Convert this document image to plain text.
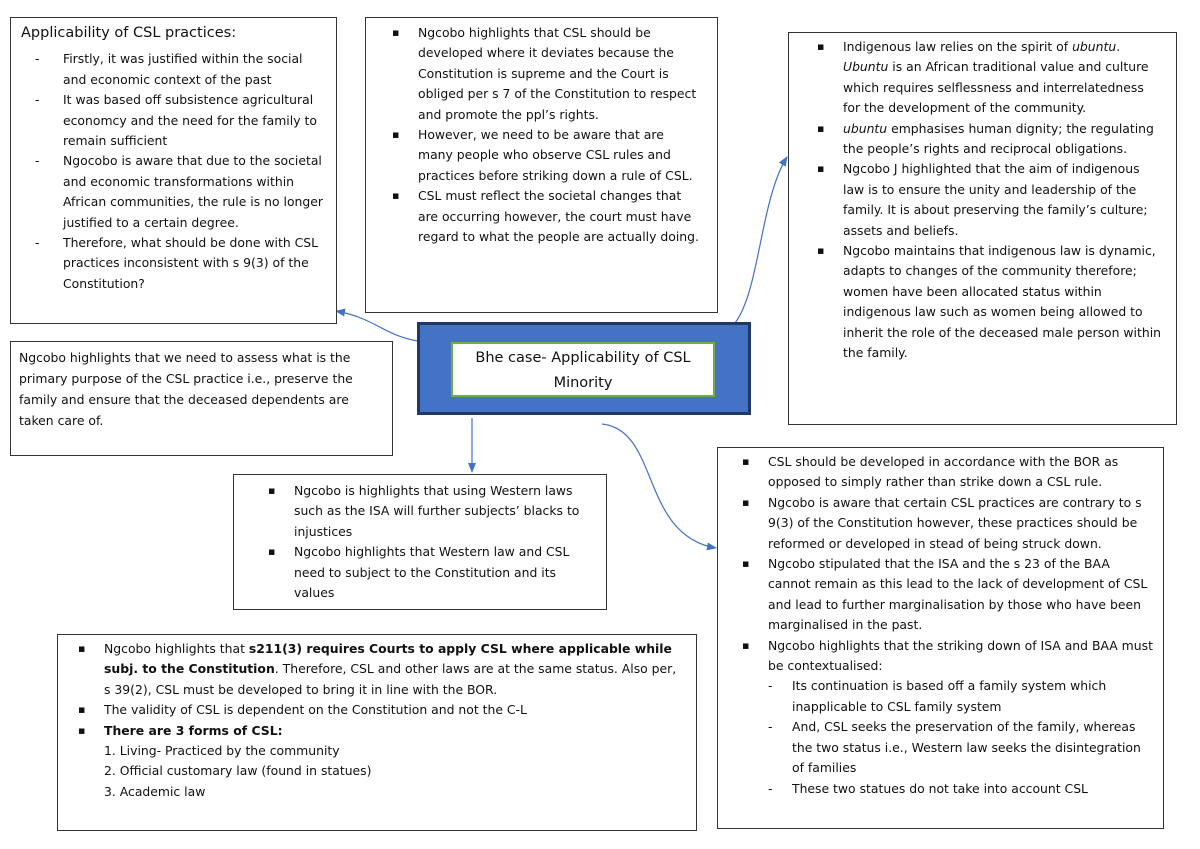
Applicability of CSL practices:
- Firstly, it was justified within the social and economic context of the past
- It was based off subsistence agricultural economcy and the need for the family to remain sufficient
- Ngocobo is aware that due to the societal and economic transformations within African communities, the rule is no longer justified to a certain degree.
- Therefore, what should be done with CSL practices inconsistent with s 9(3) of the Constitution?
▪ Ngcobo highlights that CSL should be developed where it deviates because the Constitution is supreme and the Court is obliged per s 7 of the Constitution to respect and promote the ppl’s rights.
▪ However, we need to be aware that are many people who observe CSL rules and practices before striking down a rule of CSL.
▪ CSL must reflect the societal changes that are occurring however, the court must have regard to what the people are actually doing.
▪ Indigenous law relies on the spirit of ubuntu. Ubuntu is an African traditional value and culture which requires selflessness and interrelatedness for the development of the community.
▪ ubuntu emphasises human dignity; the regulating the people’s rights and reciprocal obligations.
▪ Ngcobo J highlighted that the aim of indigenous law is to ensure the unity and leadership of the family. It is about preserving the family’s culture; assets and beliefs.
▪ Ngcobo maintains that indigenous law is dynamic, adapts to changes of the community therefore; women have been allocated status within indigenous law such as women being allowed to inherit the role of the deceased male person within the family.
Bhe case- Applicability of CSL
Minority
Ngcobo highlights that we need to assess what is the primary purpose of the CSL practice i.e., preserve the family and ensure that the deceased dependents are taken care of.
▪ Ngcobo is highlights that using Western laws such as the ISA will further subjects’ blacks to injustices
▪ Ngcobo highlights that Western law and CSL need to subject to the Constitution and its values
▪ CSL should be developed in accordance with the BOR as opposed to simply rather than strike down a CSL rule.
▪ Ngcobo is aware that certain CSL practices are contrary to s 9(3) of the Constitution however, these practices should be reformed or developed in stead of being struck down.
▪ Ngcobo stipulated that the ISA and the s 23 of the BAA cannot remain as this lead to the lack of development of CSL and lead to further marginalisation by those who have been marginalised in the past.
▪ Ngcobo highlights that the striking down of ISA and BAA must be contextualised:
- Its continuation is based off a family system which inapplicable to CSL family system
- And, CSL seeks the preservation of the family, whereas the two status i.e., Western law seeks the disintegration of families
- These two statues do not take into account CSL
▪ Ngcobo highlights that s211(3) requires Courts to apply CSL where applicable while subj. to the Constitution. Therefore, CSL and other laws are at the same status. Also per, s 39(2), CSL must be developed to bring it in line with the BOR.
▪ The validity of CSL is dependent on the Constitution and not the C-L
▪ There are 3 forms of CSL:
1. Living- Practiced by the community
2. Official customary law (found in statues)
3. Academic law
